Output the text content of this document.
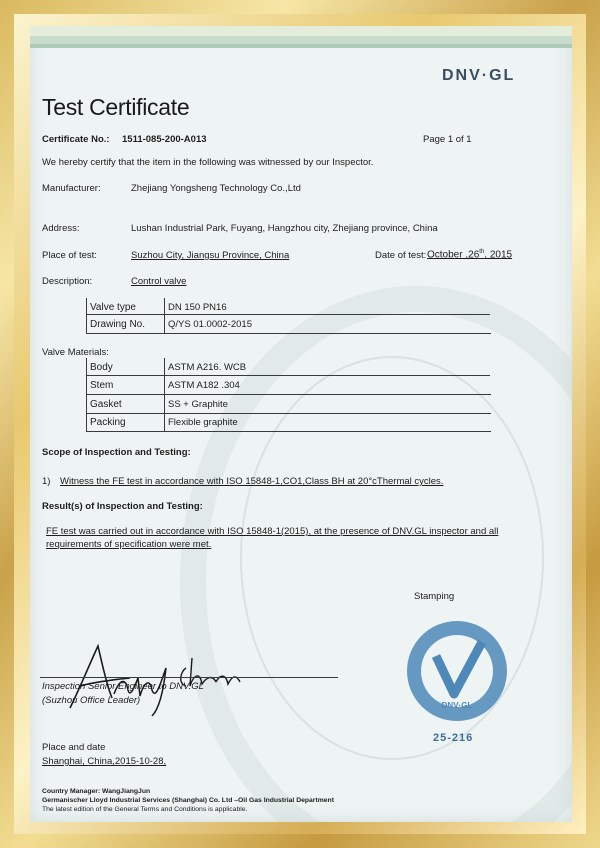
DNV·GL
Test Certificate
Certificate No.: 1511-085-200-A013	Page 1 of 1
We hereby certify that the item in the following was witnessed by our Inspector.
Manufacturer:	Zhejiang Yongsheng Technology Co.,Ltd
Address:	Lushan Industrial Park, Fuyang, Hangzhou city, Zhejiang province, China
Place of test:	Suzhou City, Jiangsu Province, China	Date of test: October ,26th, 2015
Description:	Control valve
Valve type	DN 150 PN16
Drawing No. Q/YS 01.0002-2015
Valve Materials:
Body	ASTM A216. WCB
Stem	ASTM A182 .304
Gasket	SS + Graphite
Packing	Flexible graphite
Scope of Inspection and Testing:
1) Witness the FE test in accordance with ISO 15848-1,CO1,Class BH at 20°cThermal cycles.
Result(s) of Inspection and Testing:
FE test was carried out in accordance with ISO 15848-1(2015), at the presence of DNV.GL inspector and all
requirements of specification were met.
Stamping
Inspection Senior Engineer to DNV.GL
(Suzhou Office Leader)	DNV·GL
25-216
Place and date
Shanghai, China,2015-10-28,
Country Manager: WangJiangJun
Germanischer Lloyd Industrial Services (Shanghai) Co. Ltd –Oil Gas Industrial Department
The latest edition of the General Terms and Conditions is applicable.
